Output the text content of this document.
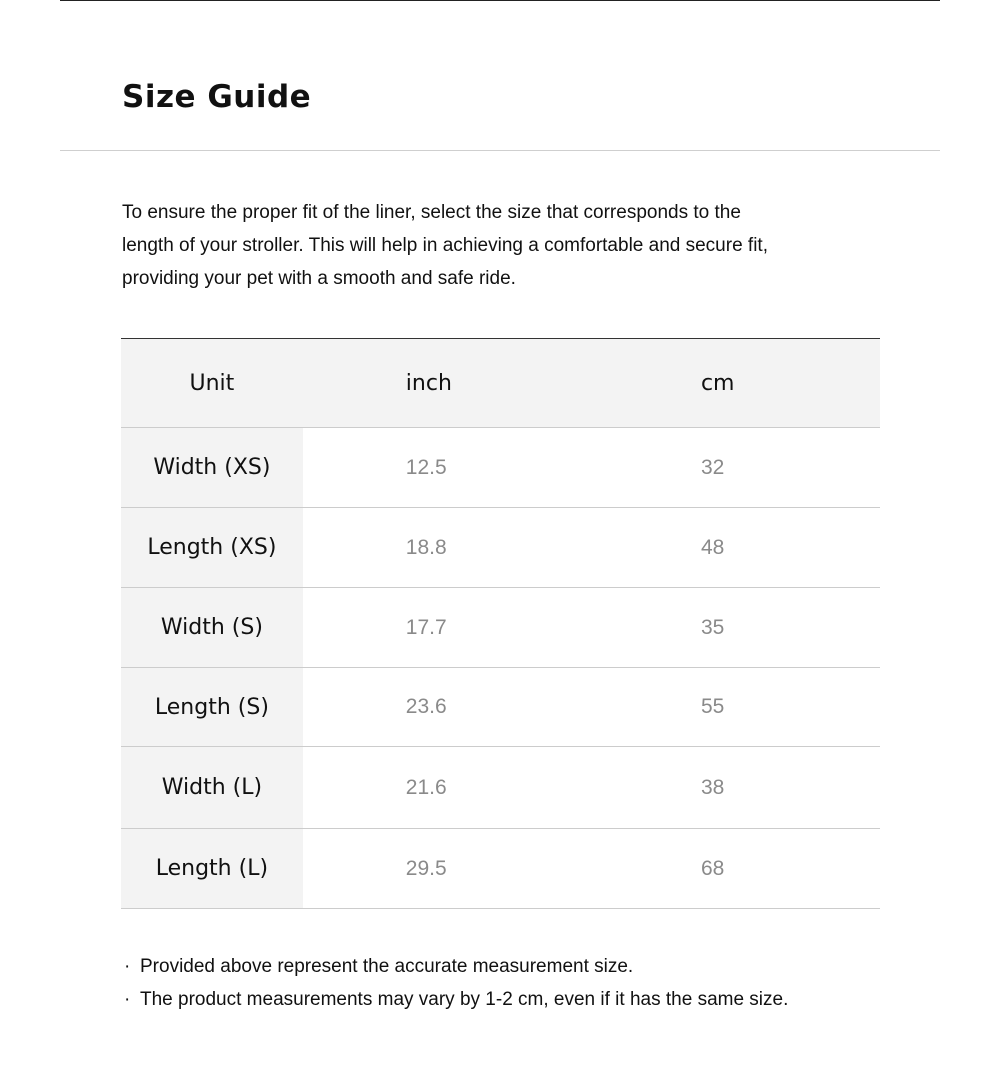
Size Guide

To ensure the proper fit of the liner, select the size that corresponds to the
length of your stroller. This will help in achieving a comfortable and secure fit,
providing your pet with a smooth and safe ride.

Unit	inch	cm
Width (XS)	12.5	32
Length (XS)	18.8	48
Width (S)	17.7	35
Length (S)	23.6	55
Width (L)	21.6	38
Length (L)	29.5	68
· Provided above represent the accurate measurement size.
· The product measurements may vary by 1-2 cm, even if it has the same size.
